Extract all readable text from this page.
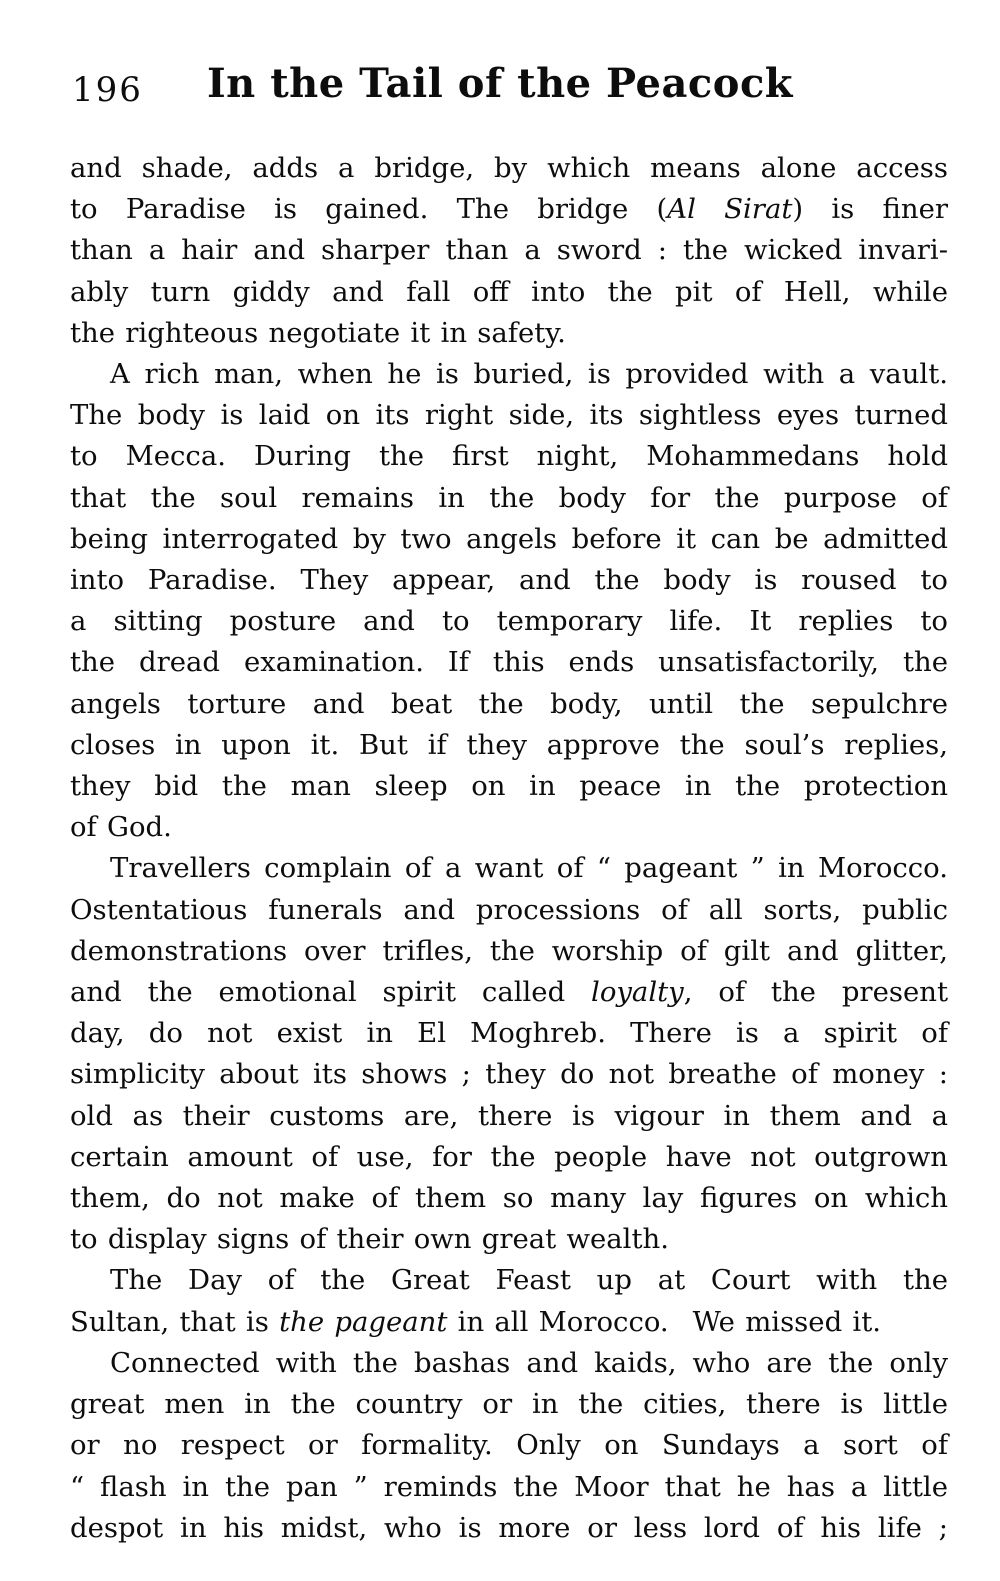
196	In the Tail of the Peacock
and shade, adds a bridge, by which means alone access
to Paradise is gained. The bridge (Al Sirat) is finer
than a hair and sharper than a sword : the wicked invari-
ably turn giddy and fall off into the pit of Hell, while
the righteous negotiate it in safety.
A rich man, when he is buried, is provided with a vault.
The body is laid on its right side, its sightless eyes turned
to Mecca. During the first night, Mohammedans hold
that the soul remains in the body for the purpose of
being interrogated by two angels before it can be admitted
into Paradise. They appear, and the body is roused to
a sitting posture and to temporary life. It replies to
the dread examination. If this ends unsatisfactorily, the
angels torture and beat the body, until the sepulchre
closes in upon it. But if they approve the soul’s replies,
they bid the man sleep on in peace in the protection
of God.
Travellers complain of a want of “ pageant ” in Morocco.
Ostentatious funerals and processions of all sorts, public
demonstrations over trifles, the worship of gilt and glitter,
and the emotional spirit called loyalty, of the present
day, do not exist in El Moghreb. There is a spirit of
simplicity about its shows ; they do not breathe of money :
old as their customs are, there is vigour in them and a
certain amount of use, for the people have not outgrown
them, do not make of them so many lay figures on which
to display signs of their own great wealth.
The Day of the Great Feast up at Court with the
Sultan, that is the pageant in all Morocco.  We missed it.
Connected with the bashas and kaids, who are the only
great men in the country or in the cities, there is little
or no respect or formality. Only on Sundays a sort of
“ flash in the pan ” reminds the Moor that he has a little
despot in his midst, who is more or less lord of his life ;
